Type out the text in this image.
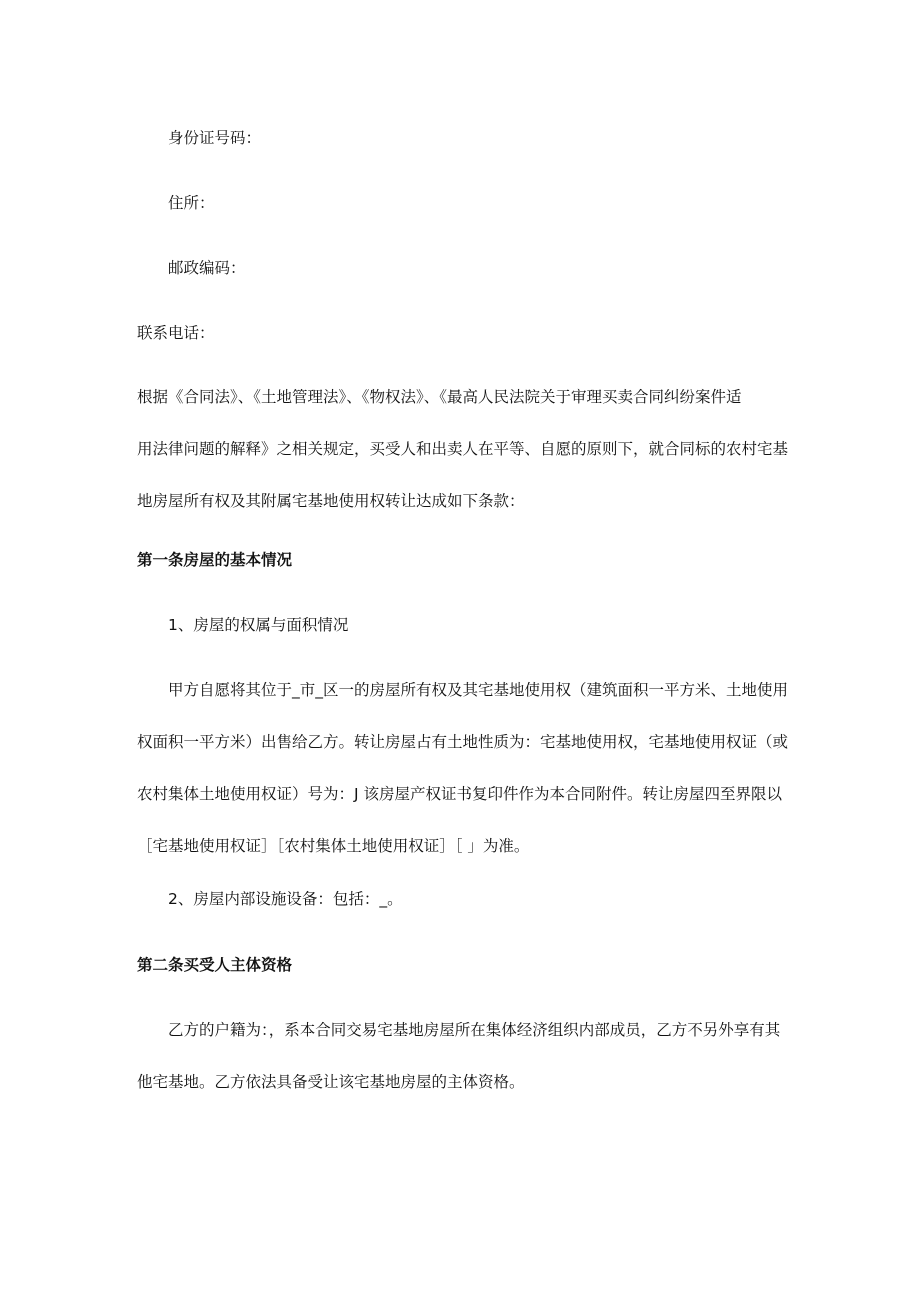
身份证号码：
住所：
邮政编码：
联系电话：
根据《合同法》、《土地管理法》、《物权法》、《最高人民法院关于审理买卖合同纠纷案件适
用法律问题的解释》之相关规定，买受人和出卖人在平等、自愿的原则下，就合同标的农村宅基
地房屋所有权及其附属宅基地使用权转让达成如下条款：
第一条房屋的基本情况
1、房屋的权属与面积情况
甲方自愿将其位于_市_区一的房屋所有权及其宅基地使用权（建筑面积一平方米、土地使用
权面积一平方米）出售给乙方。转让房屋占有土地性质为：宅基地使用权，宅基地使用权证（或
农村集体土地使用权证）号为：J 该房屋产权证书复印件作为本合同附件。转让房屋四至界限以
［宅基地使用权证］［农村集体土地使用权证］［ 」为准。
2、房屋内部设施设备：包括：_。
第二条买受人主体资格
乙方的户籍为：，系本合同交易宅基地房屋所在集体经济组织内部成员，乙方不另外享有其
他宅基地。乙方依法具备受让该宅基地房屋的主体资格。
